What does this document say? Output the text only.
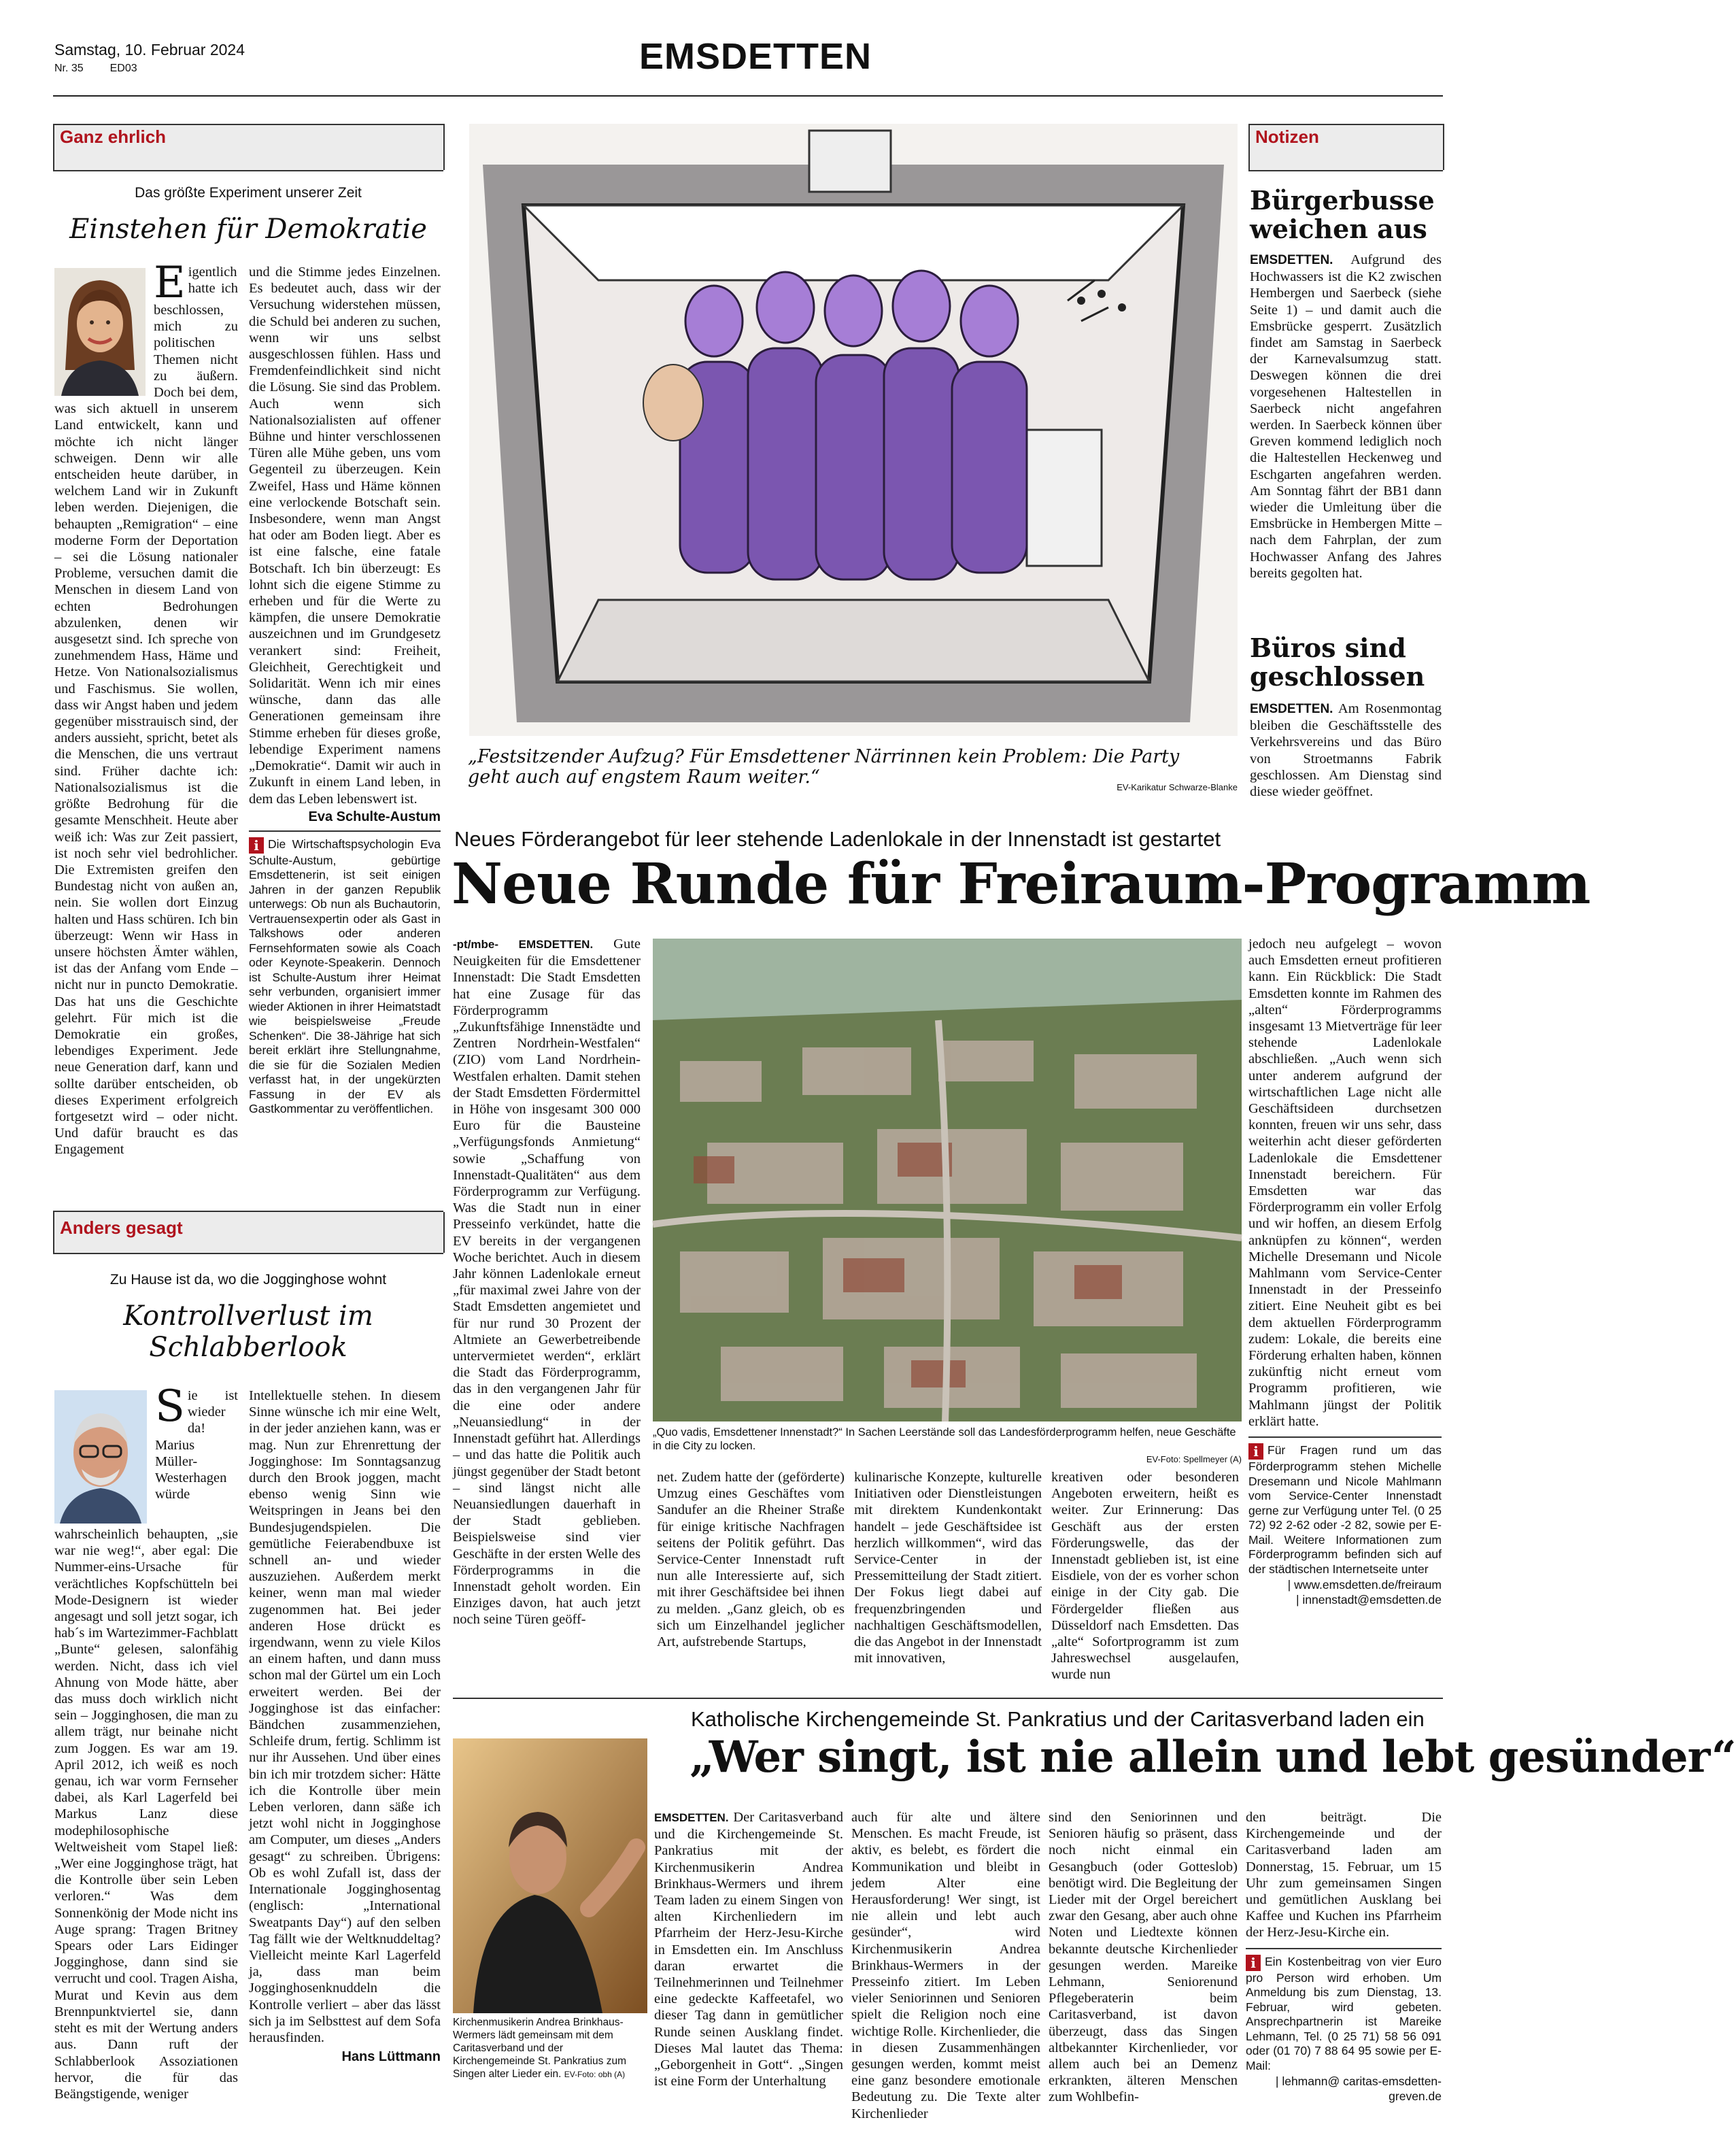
Samstag, 10. Februar 2024
Nr. 35 ED03	EMSDETTEN
Ganz ehrlich
Das größte Experiment unserer Zeit
Einstehen für Demokratie
E igentlich hatte ich beschlossen, mich zu politischen Themen nicht zu äußern. Doch bei dem, was sich aktuell in unserem Land entwickelt, kann und möchte ich nicht länger schweigen. Denn wir alle entscheiden heute darüber, in welchem Land wir in Zukunft leben werden. Diejenigen, die behaupten „Remigration“ – eine moderne Form der Deportation – sei die Lösung nationaler Probleme, versuchen damit die Menschen in diesem Land von echten Bedrohungen abzulenken, denen wir ausgesetzt sind. Ich spreche von zunehmendem Hass, Häme und Hetze. Von Nationalsozialismus und Faschismus. Sie wollen, dass wir Angst haben und jedem gegenüber misstrauisch sind, der anders aussieht, spricht, betet als die Menschen, die uns vertraut sind. Früher dachte ich: Nationalsozialismus ist die größte Bedrohung für die gesamte Menschheit. Heute aber weiß ich: Was zur Zeit passiert, ist noch sehr viel bedrohlicher. Die Extremisten greifen den Bundestag nicht von außen an, nein. Sie wollen dort Einzug halten und Hass schüren. Ich bin überzeugt: Wenn wir Hass in unsere höchsten Ämter wählen, ist das der Anfang vom Ende – nicht nur in puncto Demokratie. Das hat uns die Geschichte gelehrt. Für mich ist die Demokratie ein großes, lebendiges Experiment. Jede neue Generation darf, kann und sollte darüber entscheiden, ob dieses Experiment erfolgreich fortgesetzt wird – oder nicht. Und dafür braucht es das Engagement
und die Stimme jedes Einzelnen. Es bedeutet auch, dass wir der Versuchung widerstehen müssen, die Schuld bei anderen zu suchen, wenn wir uns selbst ausgeschlossen fühlen. Hass und Fremdenfeindlichkeit sind nicht die Lösung. Sie sind das Problem. Auch wenn sich Nationalsozialisten auf offener Bühne und hinter verschlossenen Türen alle Mühe geben, uns vom Gegenteil zu überzeugen. Kein Zweifel, Hass und Häme können eine verlockende Botschaft sein. Insbesondere, wenn man Angst hat oder am Boden liegt. Aber es ist eine falsche, eine fatale Botschaft. Ich bin überzeugt: Es lohnt sich die eigene Stimme zu erheben und für die Werte zu kämpfen, die unsere Demokratie auszeichnen und im Grundgesetz verankert sind: Freiheit, Gleichheit, Gerechtigkeit und Solidarität. Wenn ich mir eines wünsche, dann das alle Generationen gemeinsam ihre Stimme erheben für dieses große, lebendige Experiment namens „Demokratie“. Damit wir auch in Zukunft in einem Land leben, in dem das Leben lebenswert ist.
Eva Schulte-Austum
i Die Wirtschaftspsychologin Eva Schulte-Austum, gebürtige Emsdettenerin, ist seit einigen Jahren in der ganzen Republik unterwegs: Ob nun als Buchautorin, Vertrauensexpertin oder als Gast in Talkshows oder anderen Fernsehformaten sowie als Coach oder Keynote-Speakerin. Dennoch ist Schulte-Austum ihrer Heimat sehr verbunden, organisiert immer wieder Aktionen in ihrer Heimatstadt wie beispielsweise „Freude Schenken“. Die 38-Jährige hat sich bereit erklärt ihre Stellungnahme, die sie für die Sozialen Medien verfasst hat, in der ungekürzten Fassung in der EV als Gastkommentar zu veröffentlichen.
Anders gesagt
Zu Hause ist da, wo die Jogginghose wohnt
Kontrollverlust im Schlabberlook
S ie ist wieder da! Marius Müller-Westerhagen würde wahrscheinlich behaupten, „sie war nie weg!“, aber egal: Die Nummer-eins-Ursache	für verächtliches Kopfschütteln bei Mode-Designern ist wieder angesagt und soll jetzt sogar, ich hab´s im Wartezimmer-Fachblatt „Bunte“ gelesen, salonfähig werden. Nicht, dass ich viel Ahnung von Mode hätte, aber das muss doch wirklich nicht sein – Jogginghosen, die man zu allem trägt, nur beinahe nicht zum Joggen. Es war am 19. April 2012, ich weiß es noch genau, ich war vorm Fernseher dabei, als Karl Lagerfeld bei Markus Lanz diese modephilosophische Weltweisheit vom Stapel ließ: „Wer eine Jogginghose trägt, hat die Kontrolle über sein Leben verloren.“ Was dem Sonnenkönig der Mode nicht ins Auge sprang: Tragen Britney Spears oder Lars Eidinger Jogginghose, dann sind sie verrucht und cool. Tragen Aisha, Murat und Kevin aus dem Brennpunktviertel sie, dann steht es mit der Wertung anders aus. Dann ruft der Schlabberlook Assoziationen hervor, die für das Beängstigende, weniger
Intellektuelle stehen. In diesem Sinne wünsche ich mir eine Welt, in der jeder anziehen kann, was er mag. Nun zur Ehrenrettung der Jogginghose: Im Sonntagsanzug durch den Brook joggen, macht ebenso wenig Sinn wie Weitspringen in Jeans bei den Bundesjugendspielen. Die gemütliche Feierabendbuxe ist schnell an- und wieder auszuziehen. Außerdem merkt keiner, wenn man mal wieder zugenommen hat. Bei jeder anderen Hose drückt es irgendwann, wenn zu viele Kilos an einem haften, und dann muss schon mal der Gürtel um ein Loch erweitert werden. Bei der Jogginghose ist das einfacher: Bändchen zusammenziehen, Schleife drum, fertig. Schlimm ist nur ihr Aussehen. Und über eines bin ich mir trotzdem sicher: Hätte ich die Kontrolle über mein Leben verloren, dann säße ich jetzt wohl nicht in Jogginghose am Computer, um dieses „Anders gesagt“ zu schreiben. Übrigens: Ob es wohl Zufall ist, dass der Internationale Jogginghosentag (englisch: „International Sweatpants Day“) auf den selben Tag fällt wie der Weltknuddeltag? Vielleicht meinte Karl Lagerfeld ja, dass man beim Jogginghosenknuddeln die Kontrolle verliert – aber das lässt sich ja im Selbsttest auf dem Sofa herausfinden.
Hans Lüttmann
„Festsitzender Aufzug? Für Emsdettener Närrinnen kein Problem: Die Party geht auch auf engstem Raum weiter.“	EV-Karikatur Schwarze-Blanke
Notizen
Bürgerbusse weichen aus
EMSDETTEN. Aufgrund des Hochwassers ist die K2 zwischen Hembergen und Saerbeck (siehe Seite 1) – und damit auch die Emsbrücke gesperrt. Zusätzlich findet am Samstag in Saerbeck der Karnevalsumzug statt. Deswegen können die drei vorgesehenen Haltestellen in Saerbeck nicht angefahren werden. In Saerbeck können über Greven kommend lediglich noch die Haltestellen Heckenweg und Eschgarten angefahren werden. Am Sonntag fährt der BB1 dann wieder die Umleitung über die Emsbrücke in Hembergen Mitte – nach dem Fahrplan, der zum Hochwasser Anfang des Jahres bereits gegolten hat.
Büros sind geschlossen
EMSDETTEN. Am Rosenmontag bleiben die Geschäftsstelle des Verkehrsvereins und das Büro von Stroetmanns Fabrik geschlossen. Am Dienstag sind diese wieder geöffnet.
Neues Förderangebot für leer stehende Ladenlokale in der Innenstadt ist gestartet
Neue Runde für Freiraum-Programm
-pt/mbe- EMSDETTEN. Gute Neuigkeiten für die Emsdettener Innenstadt: Die Stadt Emsdetten hat eine Zusage für das Förderprogramm „Zukunftsfähige Innenstädte und Zentren Nordrhein-Westfalen“ (ZIO) vom Land Nordrhein-Westfalen erhalten. Damit stehen der Stadt Emsdetten Fördermittel in Höhe von insgesamt 300 000 Euro für die Bausteine „Verfügungsfonds Anmietung“ sowie „Schaffung von Innenstadt-Qualitäten“ aus dem Förderprogramm zur Verfügung. Was die Stadt nun in einer Presseinfo verkündet, hatte die EV bereits in der vergangenen Woche berichtet. Auch in diesem Jahr können Ladenlokale erneut „für maximal zwei Jahre von der Stadt Emsdetten angemietet und für nur rund 30 Prozent der Altmiete an Gewerbetreibende untervermietet werden“, erklärt die Stadt das Förderprogramm, das in den vergangenen Jahr für die eine oder andere „Neuansiedlung“ in der Innenstadt geführt hat. Allerdings – und das hatte die Politik auch jüngst gegenüber der Stadt betont – sind längst nicht alle Neuansiedlungen dauerhaft in der Stadt geblieben. Beispielsweise sind vier Geschäfte in der ersten Welle des Förderprogramms in die Innenstadt geholt worden. Ein Einziges davon, hat auch jetzt noch seine Türen geöff-
„Quo vadis, Emsdettener Innenstadt?“ In Sachen Leerstände soll das Landesförderprogramm helfen, neue Geschäfte in die City zu locken.
EV-Foto: Spellmeyer (A)
net. Zudem hatte der (geförderte) Umzug eines Geschäftes vom Sandufer an die Rheiner Straße für einige kritische Nachfragen seitens der Politik geführt. Das Service-Center Innenstadt ruft nun alle Interessierte auf, sich mit ihrer Geschäftsidee bei ihnen zu melden. „Ganz gleich, ob es sich um Einzelhandel jeglicher Art, aufstrebende Startups,
kulinarische Konzepte, kulturelle Initiativen oder Dienstleistungen mit direktem Kundenkontakt handelt – jede Geschäftsidee ist herzlich willkommen“, wird das Service-Center in der Pressemitteilung der Stadt zitiert. Der Fokus liegt dabei auf frequenzbringenden und nachhaltigen Geschäftsmodellen, die das Angebot in der Innenstadt mit innovativen,
kreativen oder besonderen Angeboten erweitern, heißt es weiter. Zur Erinnerung: Das Geschäft aus der ersten Förderungswelle, das der Innenstadt geblieben ist, ist eine Eisdiele, von der es vorher schon einige in der City gab. Die Fördergelder fließen aus Düsseldorf nach Emsdetten. Das „alte“ Sofortprogramm ist zum Jahreswechsel ausgelaufen, wurde nun
jedoch neu aufgelegt – wovon auch Emsdetten erneut profitieren kann. Ein Rückblick: Die Stadt Emsdetten konnte im Rahmen des „alten“ Förderprogramms insgesamt 13 Mietverträge für leer stehende Ladenlokale abschließen. „Auch wenn sich unter anderem aufgrund der wirtschaftlichen Lage nicht alle Geschäftsideen durchsetzen konnten, freuen wir uns sehr, dass weiterhin acht dieser geförderten Ladenlokale die Emsdettener Innenstadt bereichern. Für Emsdetten war das Förderprogramm ein voller Erfolg und wir hoffen, an diesem Erfolg anknüpfen zu können“, werden Michelle Dresemann und Nicole Mahlmann vom Service-Center Innenstadt in der Presseinfo zitiert. Eine Neuheit gibt es bei dem aktuellen Förderprogramm zudem: Lokale, die bereits eine Förderung erhalten haben, können zukünftig nicht erneut vom Programm profitieren, wie Mahlmann jüngst der Politik erklärt hatte.
i Für Fragen rund um das Förderprogramm stehen Michelle Dresemann und Nicole Mahlmann vom Service-Center Innenstadt gerne zur Verfügung unter Tel. (0 25 72) 92 2-62 oder -2 82, sowie per E-Mail. Weitere Informationen zum Förderprogramm befinden sich auf der städtischen Internetseite unter
| www.emsdetten.de/freiraum
| innenstadt@emsdetten.de
Katholische Kirchengemeinde St. Pankratius und der Caritasverband laden ein
„Wer singt, ist nie allein und lebt gesünder“
Kirchenmusikerin Andrea Brinkhaus-Wermers lädt gemeinsam mit dem Caritasverband und der Kirchengemeinde St. Pankratius zum Singen alter Lieder ein. EV-Foto: obh (A)
EMSDETTEN. Der Caritasverband und die Kirchengemeinde St. Pankratius mit der Kirchenmusikerin Andrea Brinkhaus-Wermers und ihrem Team laden zu einem Singen von alten Kirchenliedern im Pfarrheim der Herz-Jesu-Kirche in Emsdetten ein. Im Anschluss daran erwartet die Teilnehmerinnen und Teilnehmer eine gedeckte Kaffeetafel, wo dieser Tag dann in gemütlicher Runde seinen Ausklang findet. Dieses Mal lautet das Thema: „Geborgenheit in Gott“. „Singen ist eine Form der Unterhaltung
auch für alte und ältere Menschen. Es macht Freude, ist aktiv, es belebt, es fördert die Kommunikation und bleibt in jedem Alter eine Herausforderung! Wer singt, ist nie allein und lebt auch gesünder“, wird Kirchenmusikerin Andrea Brinkhaus-Wermers in der Presseinfo zitiert. Im Leben vieler Seniorinnen und Senioren spielt die Religion noch eine wichtige Rolle. Kirchenlieder, die in diesen Zusammenhängen gesungen werden, kommt meist eine ganz besondere emotionale Bedeutung zu. Die Texte alter Kirchenlieder
sind den Seniorinnen und Senioren häufig so präsent, dass noch nicht einmal ein Gesangbuch (oder Gotteslob) benötigt wird. Die Begleitung der Lieder mit der Orgel bereichert zwar den Gesang, aber auch ohne Noten und Liedtexte können bekannte deutsche Kirchenlieder gesungen werden. Mareike Lehmann, Seniorenund Pflegeberaterin beim Caritasverband, ist davon überzeugt, dass das Singen altbekannter Kirchenlieder, vor allem auch bei an Demenz erkrankten, älteren Menschen zum Wohlbefin-
den beiträgt. Die Kirchengemeinde und der Caritasverband laden am Donnerstag, 15. Februar, um 15 Uhr zum gemeinsamen Singen und gemütlichen Ausklang bei Kaffee und Kuchen ins Pfarrheim der Herz-Jesu-Kirche ein.
i Ein Kostenbeitrag von vier Euro pro Person wird erhoben. Um Anmeldung bis zum Dienstag, 13. Februar, wird gebeten. Ansprechpartnerin ist Mareike Lehmann, Tel. (0 25 71) 58 56 091 oder (01 70) 7 88 64 95 sowie per E-Mail:
| lehmann@ caritas-emsdetten-greven.de
